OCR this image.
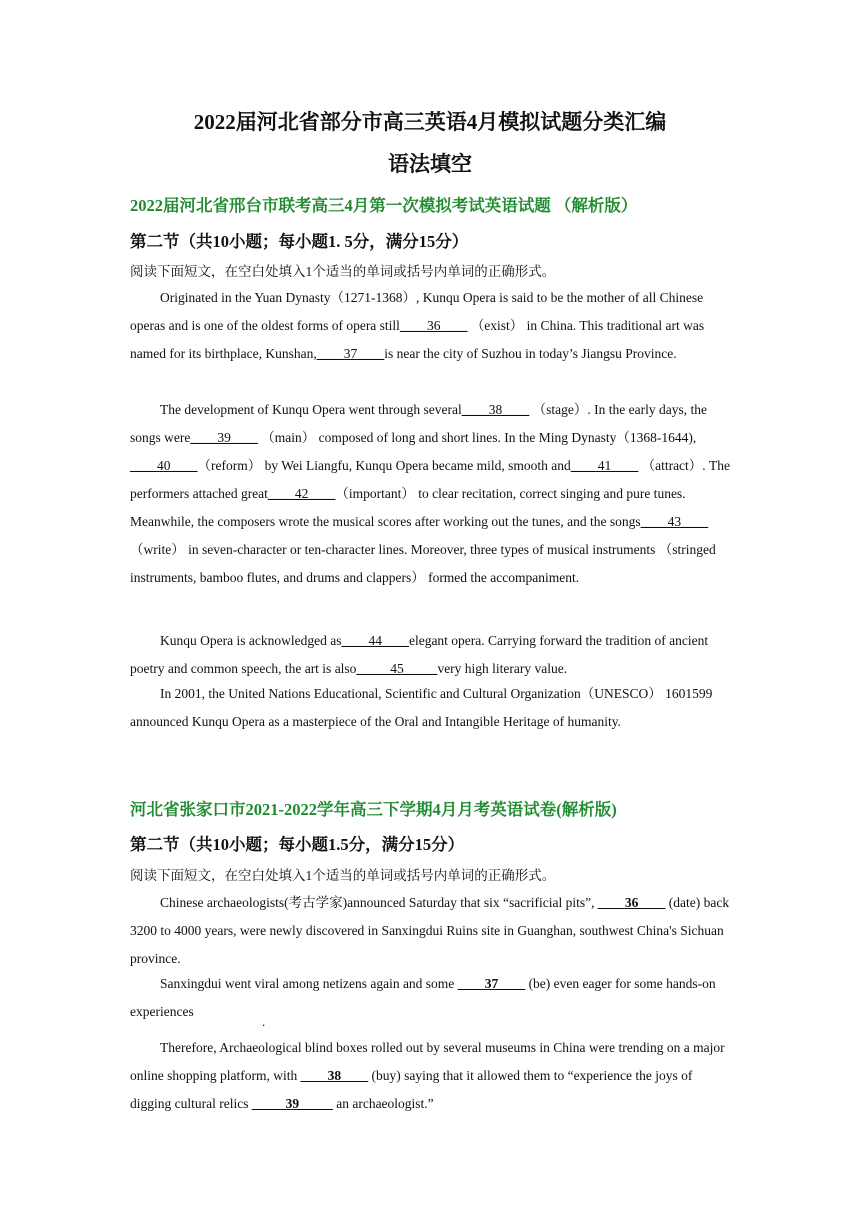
2022届河北省部分市高三英语4月模拟试题分类汇编
语法填空
2022届河北省邢台市联考高三4月第一次模拟考试英语试题 （解析版）
第二节（共10小题；每小题1. 5分，满分15分）
阅读下面短文，在空白处填入1个适当的单词或括号内单词的正确形式。
Originated in the Yuan Dynasty（1271-1368）, Kunqu Opera is said to be the mother of all Chinese operas and is one of the oldest forms of opera still____36____ （exist） in China. This traditional art was named for its birthplace, Kunshan,____37____is near the city of Suzhou in today’s Jiangsu Province.
The development of Kunqu Opera went through several____38____ （stage）. In the early days, the songs were____39____ （main） composed of long and short lines. In the Ming Dynasty（1368-1644), ____40____（reform） by Wei Liangfu, Kunqu Opera became mild, smooth and____41____ （attract）. The performers attached great____42____（important） to clear recitation, correct singing and pure tunes. Meanwhile, the composers wrote the musical scores after working out the tunes, and the songs____43____ （write） in seven-character or ten-character lines. Moreover, three types of musical instruments （stringed instruments, bamboo flutes, and drums and clappers） formed the accompaniment.
Kunqu Opera is acknowledged as____44____elegant opera. Carrying forward the tradition of ancient poetry and common speech, the art is also_____45_____very high literary value.
In 2001, the United Nations Educational, Scientific and Cultural Organization（UNESCO） 1601599 announced Kunqu Opera as a masterpiece of the Oral and Intangible Heritage of humanity.
河北省张家口市2021-2022学年高三下学期4月月考英语试卷(解析版)
第二节（共10小题；每小题1.5分，满分15分）
阅读下面短文，在空白处填入1个适当的单词或括号内单词的正确形式。
Chinese archaeologists(考古学家)announced Saturday that six “sacrificial pits”, ____36____ (date) back 3200 to 4000 years, were newly discovered in Sanxingdui Ruins site in Guanghan, southwest China's Sichuan province.
Sanxingdui went viral among netizens again and some ____37____ (be) even eager for some hands-on experiences
.
Therefore, Archaeological blind boxes rolled out by several museums in China were trending on a major online shopping platform, with ____38____ (buy) saying that it allowed them to “experience the joys of digging cultural relics _____39_____ an archaeologist.”
